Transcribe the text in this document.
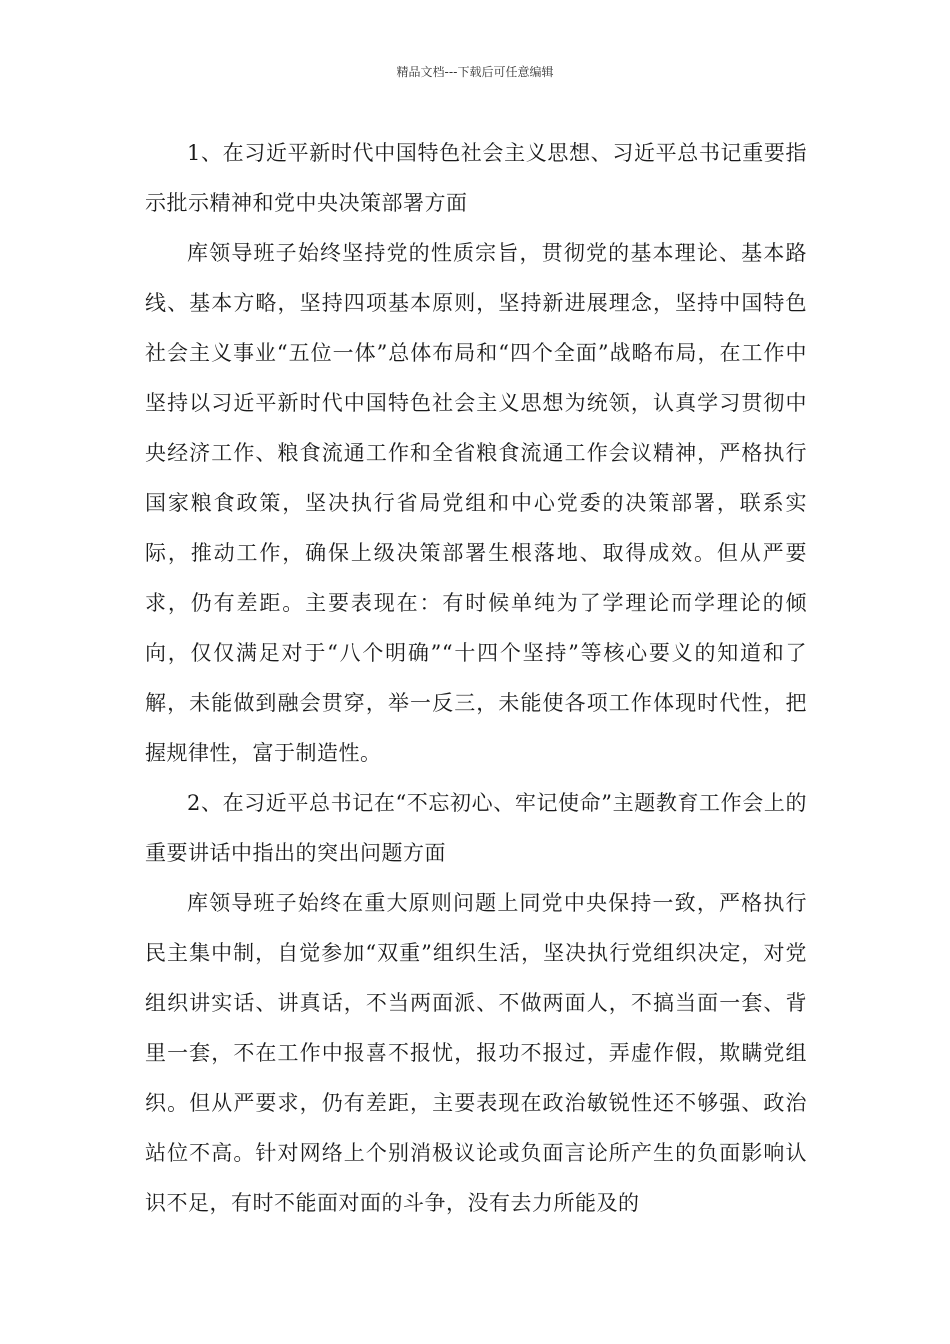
精品文档---下载后可任意编辑

1、在习近平新时代中国特色社会主义思想、习近平总书记重要指示批示精神和党中央决策部署方面

库领导班子始终坚持党的性质宗旨，贯彻党的基本理论、基本路线、基本方略，坚持四项基本原则，坚持新进展理念，坚持中国特色社会主义事业“五位一体”总体布局和“四个全面”战略布局，在工作中坚持以习近平新时代中国特色社会主义思想为统领，认真学习贯彻中央经济工作、粮食流通工作和全省粮食流通工作会议精神，严格执行国家粮食政策，坚决执行省局党组和中心党委的决策部署，联系实际，推动工作，确保上级决策部署生根落地、取得成效。但从严要求，仍有差距。主要表现在：有时候单纯为了学理论而学理论的倾向，仅仅满足对于“八个明确”“十四个坚持”等核心要义的知道和了解，未能做到融会贯穿，举一反三，未能使各项工作体现时代性，把握规律性，富于制造性。

2、在习近平总书记在“不忘初心、牢记使命”主题教育工作会上的重要讲话中指出的突出问题方面

库领导班子始终在重大原则问题上同党中央保持一致，严格执行民主集中制，自觉参加“双重”组织生活，坚决执行党组织决定，对党组织讲实话、讲真话，不当两面派、不做两面人，不搞当面一套、背里一套，不在工作中报喜不报忧，报功不报过，弄虚作假，欺瞒党组织。但从严要求，仍有差距，主要表现在政治敏锐性还不够强、政治站位不高。针对网络上个别消极议论或负面言论所产生的负面影响认识不足，有时不能面对面的斗争，没有去力所能及的
